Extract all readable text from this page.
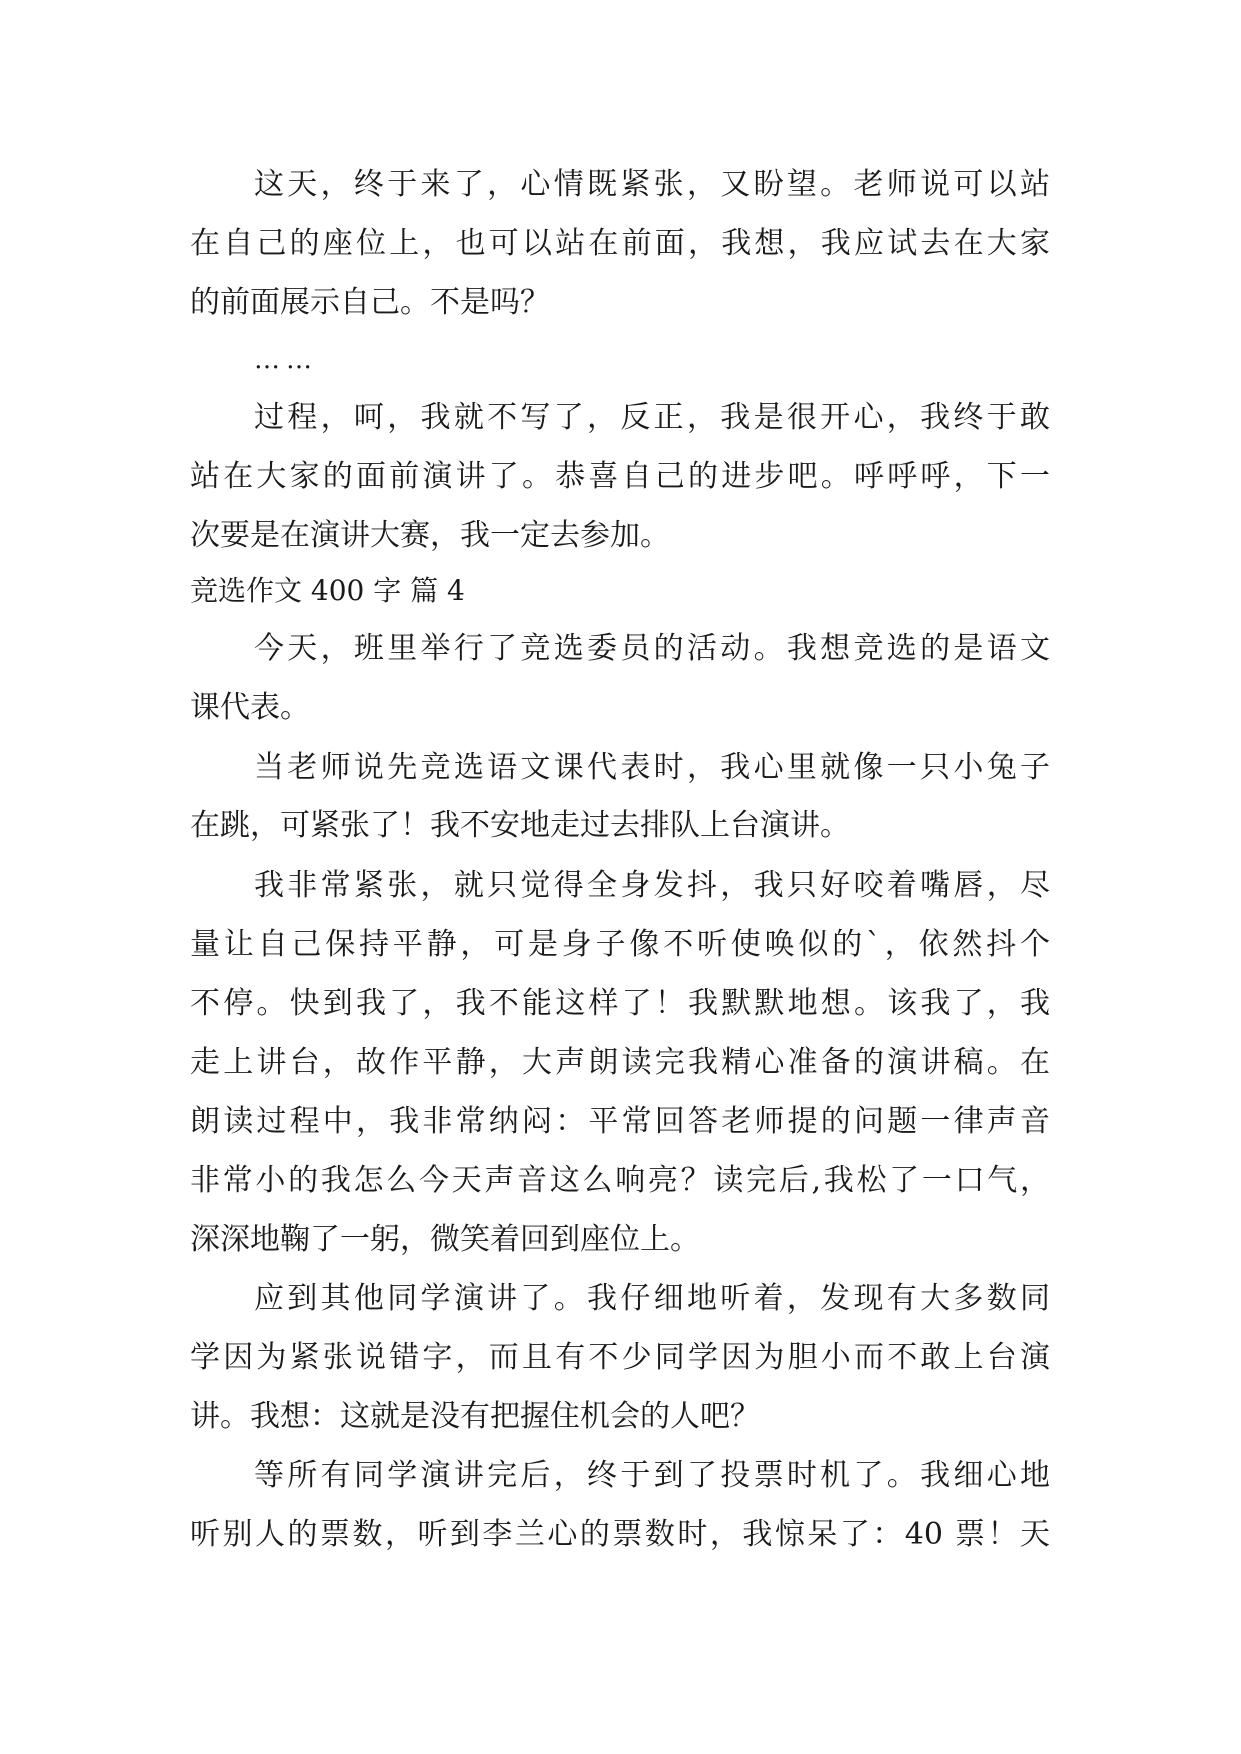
这天，终于来了，心情既紧张，又盼望。老师说可以站
在自己的座位上，也可以站在前面，我想，我应试去在大家
的前面展示自己。不是吗？
……
过程，呵，我就不写了，反正，我是很开心，我终于敢
站在大家的面前演讲了。恭喜自己的进步吧。呼呼呼，下一
次要是在演讲大赛，我一定去参加。
竞选作文 400 字 篇 4
今天，班里举行了竞选委员的活动。我想竞选的是语文
课代表。
当老师说先竞选语文课代表时，我心里就像一只小兔子
在跳，可紧张了！我不安地走过去排队上台演讲。
我非常紧张，就只觉得全身发抖，我只好咬着嘴唇，尽
量让自己保持平静，可是身子像不听使唤似的`，依然抖个
不停。快到我了，我不能这样了！我默默地想。该我了，我
走上讲台，故作平静，大声朗读完我精心准备的演讲稿。在
朗读过程中，我非常纳闷：平常回答老师提的问题一律声音
非常小的我怎么今天声音这么响亮？读完后,我松了一口气，
深深地鞠了一躬，微笑着回到座位上。
应到其他同学演讲了。我仔细地听着，发现有大多数同
学因为紧张说错字，而且有不少同学因为胆小而不敢上台演
讲。我想：这就是没有把握住机会的人吧？
等所有同学演讲完后，终于到了投票时机了。我细心地
听别人的票数，听到李兰心的票数时，我惊呆了：40 票！天
